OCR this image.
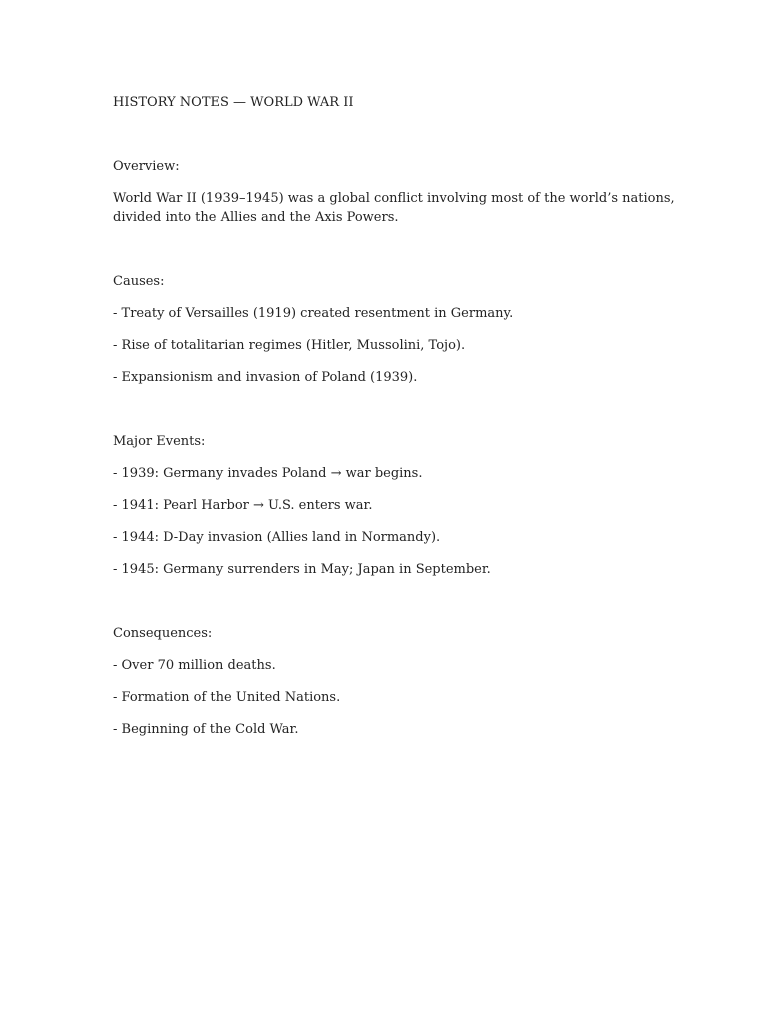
HISTORY NOTES — WORLD WAR II
Overview:
World War II (1939–1945) was a global conflict involving most of the world’s nations,
divided into the Allies and the Axis Powers.
Causes:
- Treaty of Versailles (1919) created resentment in Germany.
- Rise of totalitarian regimes (Hitler, Mussolini, Tojo).
- Expansionism and invasion of Poland (1939).
Major Events:
- 1939: Germany invades Poland → war begins.
- 1941: Pearl Harbor → U.S. enters war.
- 1944: D-Day invasion (Allies land in Normandy).
- 1945: Germany surrenders in May; Japan in September.
Consequences:
- Over 70 million deaths.
- Formation of the United Nations.
- Beginning of the Cold War.
